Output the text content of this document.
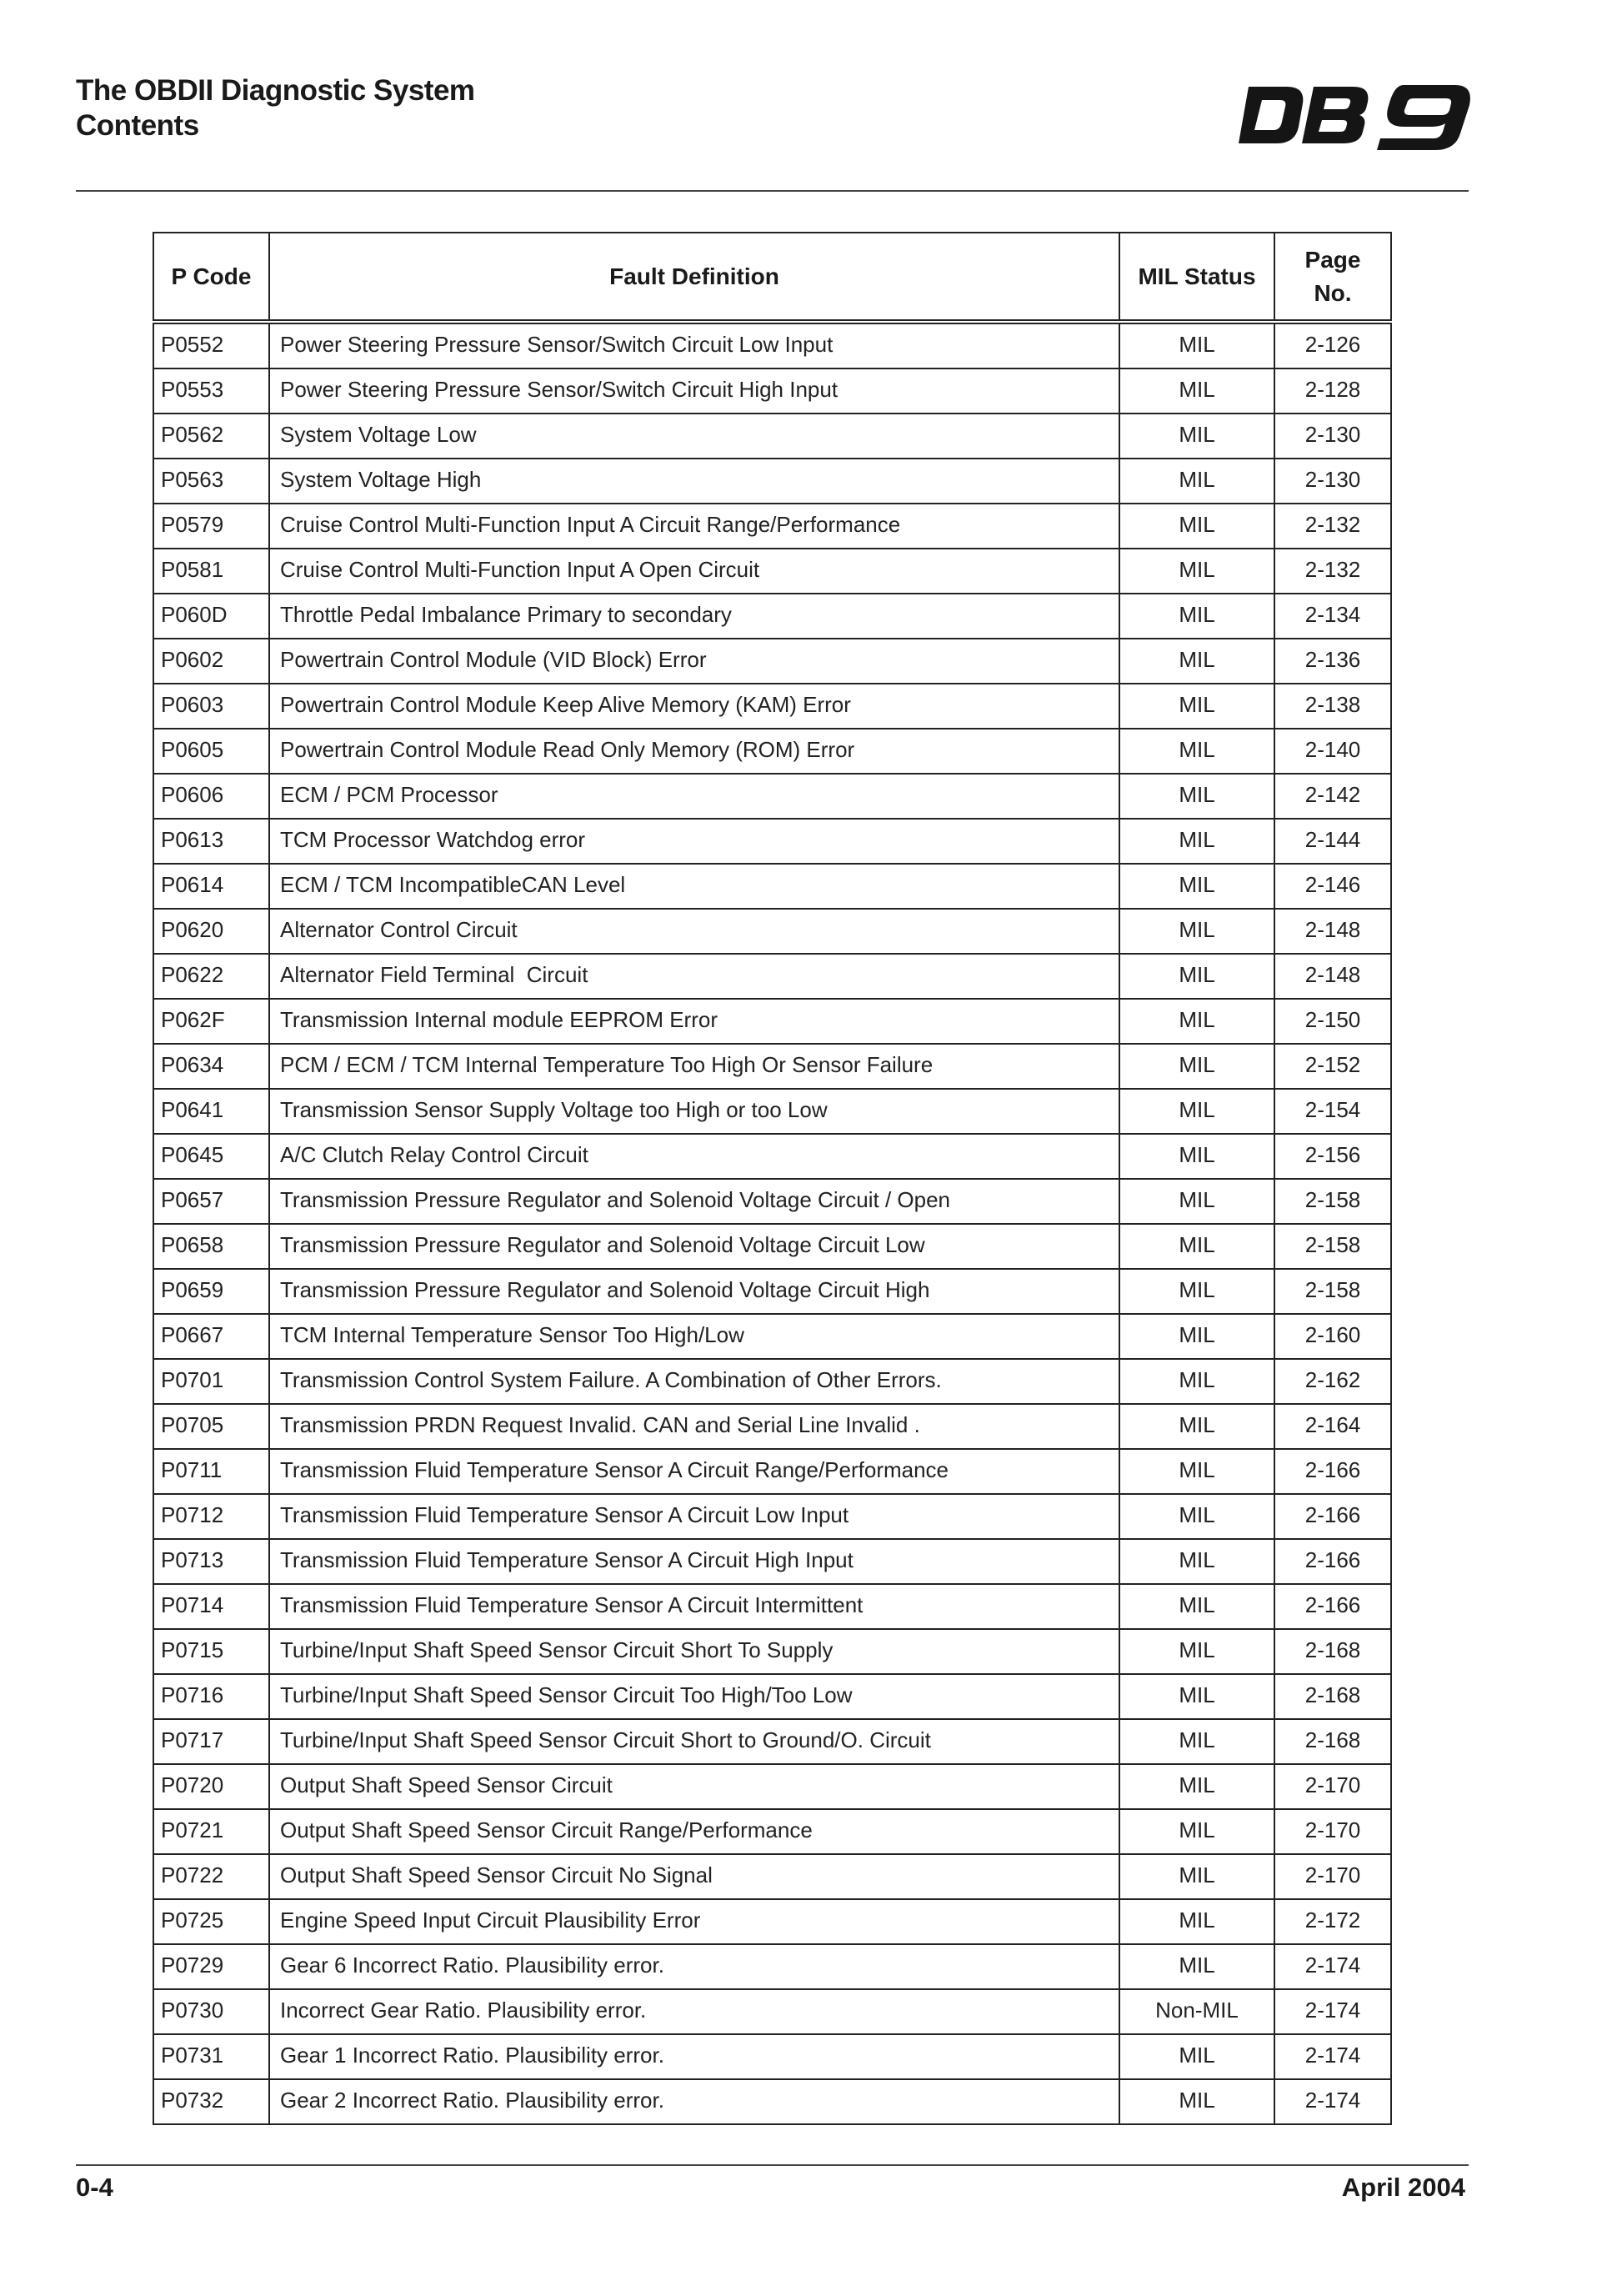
The OBDII Diagnostic System
Contents
P Code	Fault Definition	MIL Status	Page No.

P0552	Power Steering Pressure Sensor/Switch Circuit Low Input	MIL	2-126
P0553	Power Steering Pressure Sensor/Switch Circuit High Input	MIL	2-128
P0562	System Voltage Low	MIL	2-130
P0563	System Voltage High	MIL	2-130
P0579	Cruise Control Multi-Function Input A Circuit Range/Performance	MIL	2-132
P0581	Cruise Control Multi-Function Input A Open Circuit	MIL	2-132
P060D	Throttle Pedal Imbalance Primary to secondary	MIL	2-134
P0602	Powertrain Control Module (VID Block) Error	MIL	2-136
P0603	Powertrain Control Module Keep Alive Memory (KAM) Error	MIL	2-138
P0605	Powertrain Control Module Read Only Memory (ROM) Error	MIL	2-140
P0606	ECM / PCM Processor	MIL	2-142
P0613	TCM Processor Watchdog error	MIL	2-144
P0614	ECM / TCM IncompatibleCAN Level	MIL	2-146
P0620	Alternator Control Circuit	MIL	2-148
P0622	Alternator Field Terminal  Circuit	MIL	2-148
P062F	Transmission Internal module EEPROM Error	MIL	2-150
P0634	PCM / ECM / TCM Internal Temperature Too High Or Sensor Failure	MIL	2-152
P0641	Transmission Sensor Supply Voltage too High or too Low	MIL	2-154
P0645	A/C Clutch Relay Control Circuit	MIL	2-156
P0657	Transmission Pressure Regulator and Solenoid Voltage Circuit / Open	MIL	2-158
P0658	Transmission Pressure Regulator and Solenoid Voltage Circuit Low	MIL	2-158
P0659	Transmission Pressure Regulator and Solenoid Voltage Circuit High	MIL	2-158
P0667	TCM Internal Temperature Sensor Too High/Low	MIL	2-160
P0701	Transmission Control System Failure. A Combination of Other Errors.	MIL	2-162
P0705	Transmission PRDN Request Invalid. CAN and Serial Line Invalid .	MIL	2-164
P0711	Transmission Fluid Temperature Sensor A Circuit Range/Performance	MIL	2-166
P0712	Transmission Fluid Temperature Sensor A Circuit Low Input	MIL	2-166
P0713	Transmission Fluid Temperature Sensor A Circuit High Input	MIL	2-166
P0714	Transmission Fluid Temperature Sensor A Circuit Intermittent	MIL	2-166
P0715	Turbine/Input Shaft Speed Sensor Circuit Short To Supply	MIL	2-168
P0716	Turbine/Input Shaft Speed Sensor Circuit Too High/Too Low	MIL	2-168
P0717	Turbine/Input Shaft Speed Sensor Circuit Short to Ground/O. Circuit	MIL	2-168
P0720	Output Shaft Speed Sensor Circuit	MIL	2-170
P0721	Output Shaft Speed Sensor Circuit Range/Performance	MIL	2-170
P0722	Output Shaft Speed Sensor Circuit No Signal	MIL	2-170
P0725	Engine Speed Input Circuit Plausibility Error	MIL	2-172
P0729	Gear 6 Incorrect Ratio. Plausibility error.	MIL	2-174
P0730	Incorrect Gear Ratio. Plausibility error.	Non-MIL	2-174
P0731	Gear 1 Incorrect Ratio. Plausibility error.	MIL	2-174
P0732	Gear 2 Incorrect Ratio. Plausibility error.	MIL	2-174
0-4	April 2004
